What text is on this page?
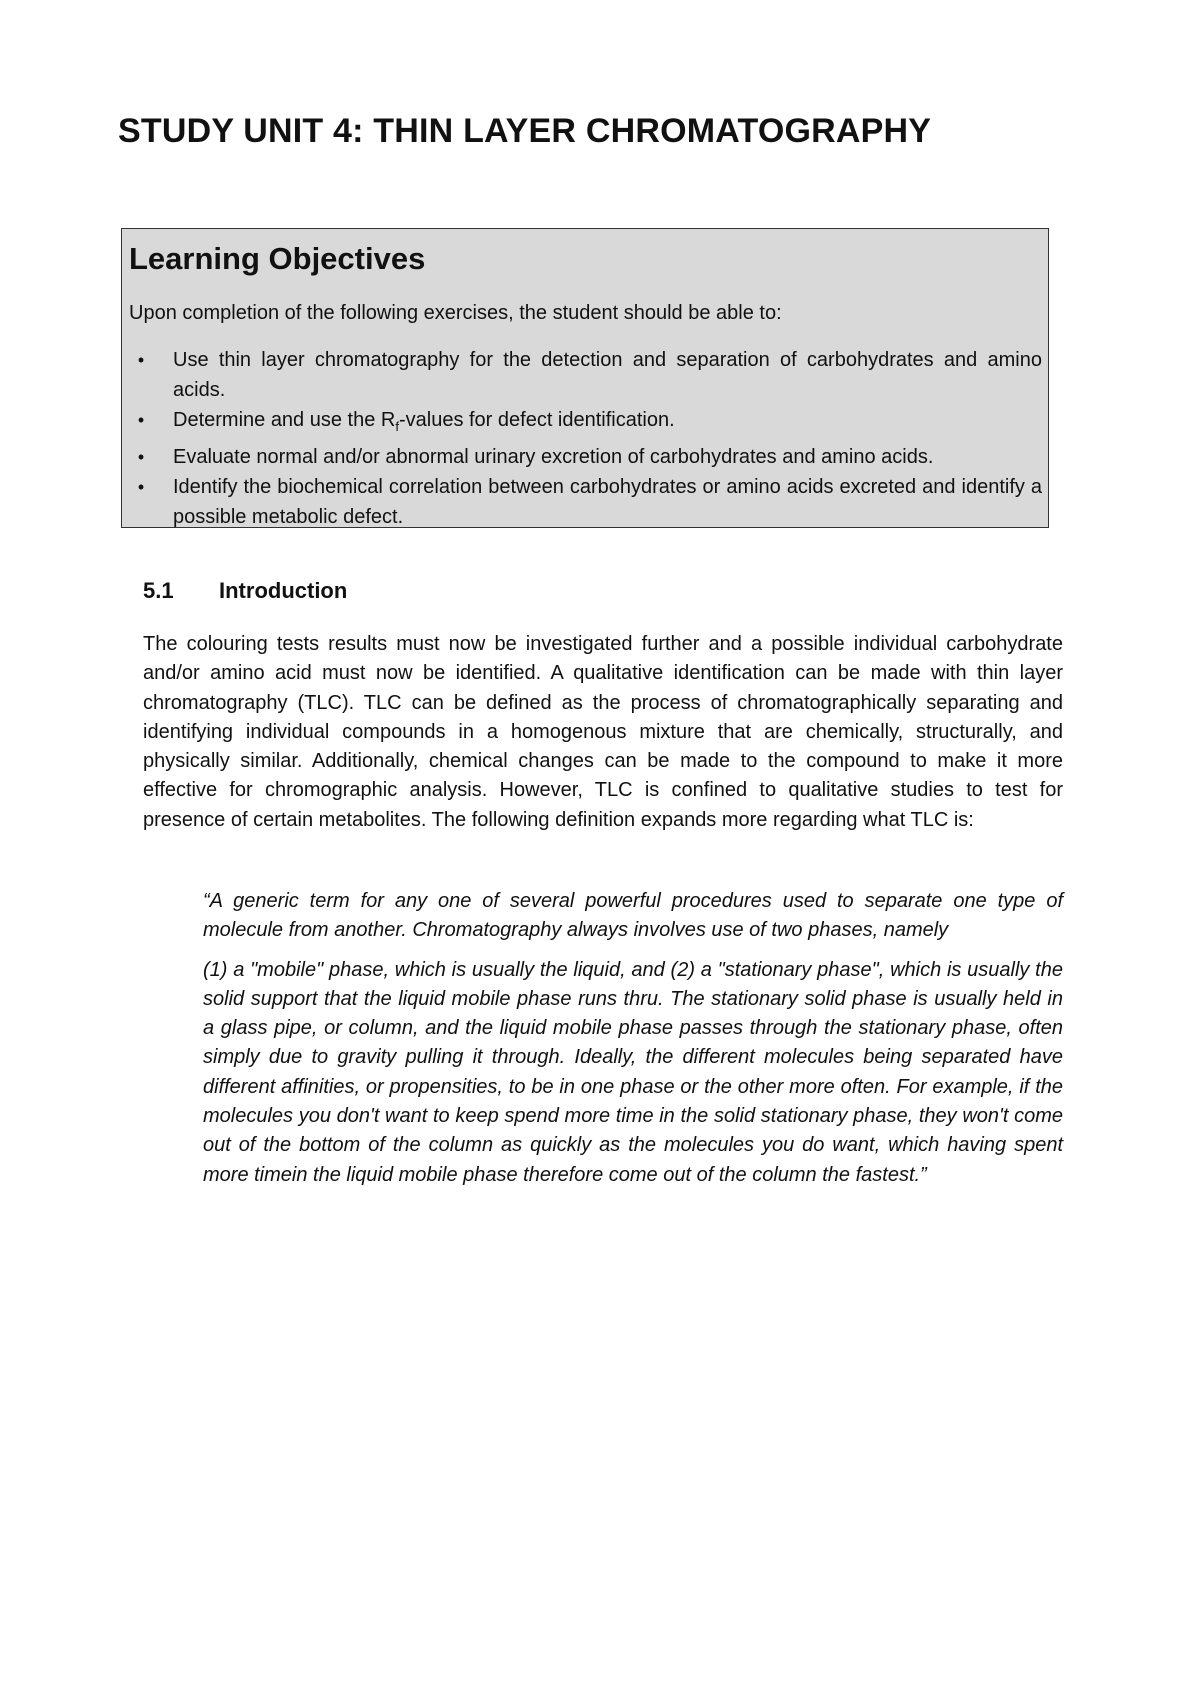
STUDY UNIT 4: THIN LAYER CHROMATOGRAPHY
Learning Objectives

Upon completion of the following exercises, the student should be able to:

•	Use thin layer chromatography for the detection and separation of carbohydrates and amino acids.
•	Determine and use the $R_f$-values for defect identification.
•	Evaluate normal and/or abnormal urinary excretion of carbohydrates and amino acids.
•	Identify the biochemical correlation between carbohydrates or amino acids excreted and identify a possible metabolic defect.
5.1 Introduction

The colouring tests results must now be investigated further and a possible individual carbohydrate and/or amino acid must now be identified. A qualitative identification can be made with thin layer chromatography (TLC). TLC can be defined as the process of chromatographically separating and identifying individual compounds in a homogenous mixture that are chemically, structurally, and physically similar. Additionally, chemical changes can be made to the compound to make it more effective for chromographic analysis. However, TLC is confined to qualitative studies to test for presence of certain metabolites. The following definition expands more regarding what TLC is:

“A generic term for any one of several powerful procedures used to separate one type of molecule from another. Chromatography always involves use of two phases, namely

(1) a "mobile" phase, which is usually the liquid, and (2) a "stationary phase", which is usually the solid support that the liquid mobile phase runs thru. The stationary solid phase is usually held in a glass pipe, or column, and the liquid mobile phase passes through the stationary phase, often simply due to gravity pulling it through. Ideally, the different molecules being separated have different affinities, or propensities, to be in one phase or the other more often. For example, if the molecules you don't want to keep spend more time in the solid stationary phase, they won't come out of the bottom of the column as quickly as the molecules you do want, which having spent more timein the liquid mobile phase therefore come out of the column the fastest.”
